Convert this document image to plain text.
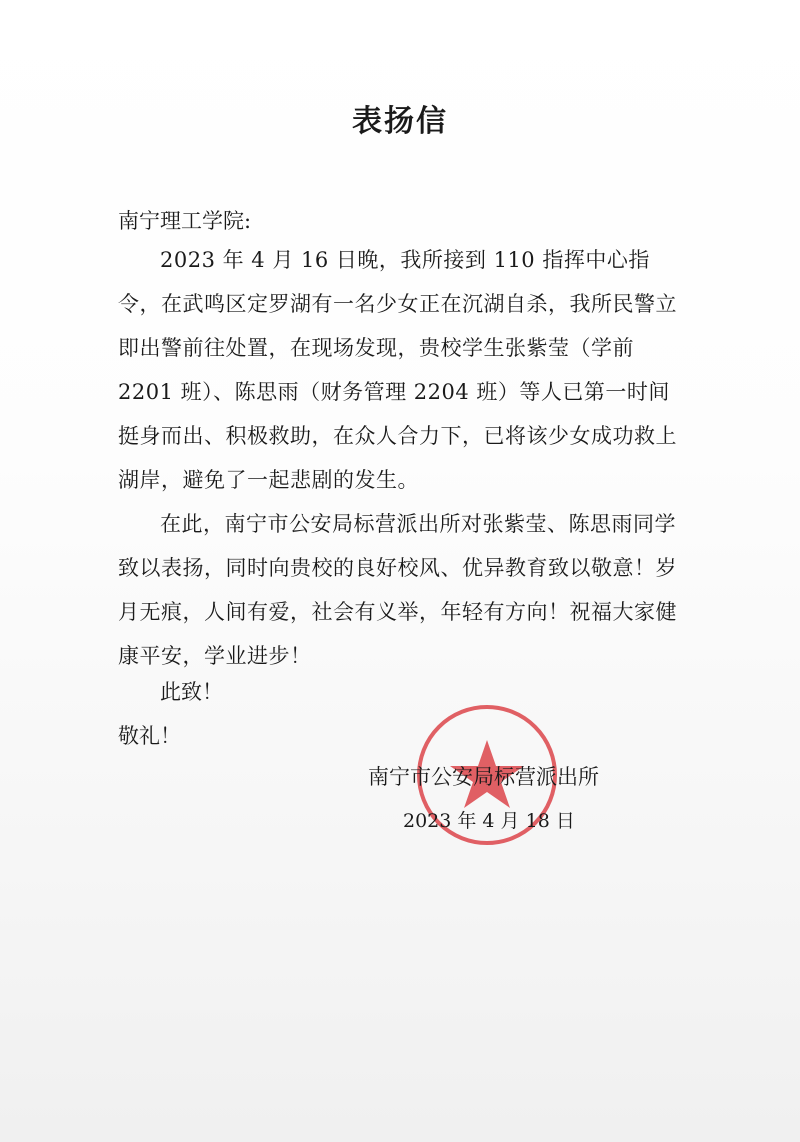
表扬信
南宁理工学院:
2023 年 4 月 16 日晚，我所接到 110 指挥中心指令，在武鸣区定罗湖有一名少女正在沉湖自杀，我所民警立即出警前往处置，在现场发现，贵校学生张紫莹（学前 2201 班）、陈思雨（财务管理 2204 班）等人已第一时间挺身而出、积极救助，在众人合力下，已将该少女成功救上湖岸，避免了一起悲剧的发生。
在此，南宁市公安局标营派出所对张紫莹、陈思雨同学致以表扬，同时向贵校的良好校风、优异教育致以敬意！岁月无痕，人间有爱，社会有义举，年轻有方向！祝福大家健康平安，学业进步！
此致！
敬礼！
南宁市公安局标营派出所
2023 年 4 月 18 日
